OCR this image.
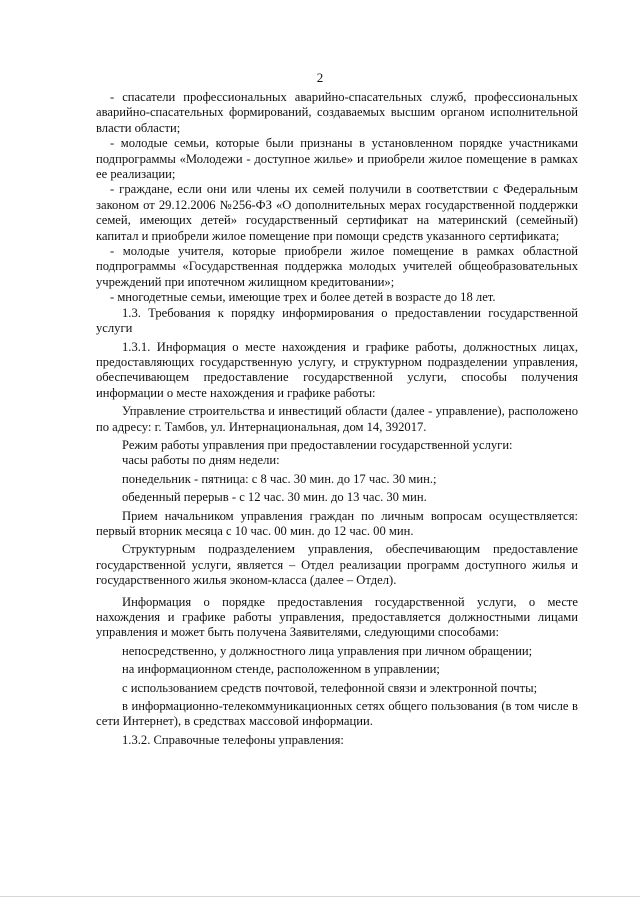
2

- спасатели профессиональных аварийно-спасательных служб, профессиональных аварийно-спасательных формирований, создаваемых высшим органом исполнительной власти области;

- молодые семьи, которые были признаны в установленном порядке участниками подпрограммы «Молодежи - доступное жилье» и приобрели жилое помещение в рамках ее реализации;

- граждане, если они или члены их семей получили в соответствии с Федеральным законом от 29.12.2006 №256-ФЗ «О дополнительных мерах государственной поддержки семей, имеющих детей» государственный сертификат на материнский (семейный) капитал и приобрели жилое помещение при помощи средств указанного сертификата;

- молодые учителя, которые приобрели жилое помещение в рамках областной подпрограммы «Государственная поддержка молодых учителей общеобразовательных учреждений при ипотечном жилищном кредитовании»;

- многодетные семьи, имеющие трех и более детей в возрасте до 18 лет.

1.3. Требования к порядку информирования о предоставлении государственной услуги

1.3.1. Информация о месте нахождения и графике работы, должностных лицах, предоставляющих государственную услугу, и структурном подразделении управления, обеспечивающем предоставление государственной услуги, способы получения информации о месте нахождения и графике работы:

Управление строительства и инвестиций области (далее - управление), расположено по адресу: г. Тамбов, ул. Интернациональная, дом 14, 392017.

Режим работы управления при предоставлении государственной услуги:

часы работы по дням недели:

понедельник - пятница: с 8 час. 30 мин. до 17 час. 30 мин.;

обеденный перерыв - с 12 час. 30 мин. до 13 час. 30 мин.

Прием начальником управления граждан по личным вопросам осуществляется: первый вторник месяца с 10 час. 00 мин. до 12 час. 00 мин.

Структурным подразделением управления, обеспечивающим предоставление государственной услуги, является – Отдел реализации программ доступного жилья и государственного жилья эконом-класса (далее – Отдел).

Информация о порядке предоставления государственной услуги, о месте нахождения и графике работы управления, предоставляется должностными лицами управления и может быть получена Заявителями, следующими способами:

непосредственно, у должностного лица управления при личном обращении;

на информационном стенде, расположенном в управлении;

с использованием средств почтовой, телефонной связи и электронной почты;

в информационно-телекоммуникационных сетях общего пользования (в том числе в сети Интернет), в средствах массовой информации.

1.3.2. Справочные телефоны управления:
